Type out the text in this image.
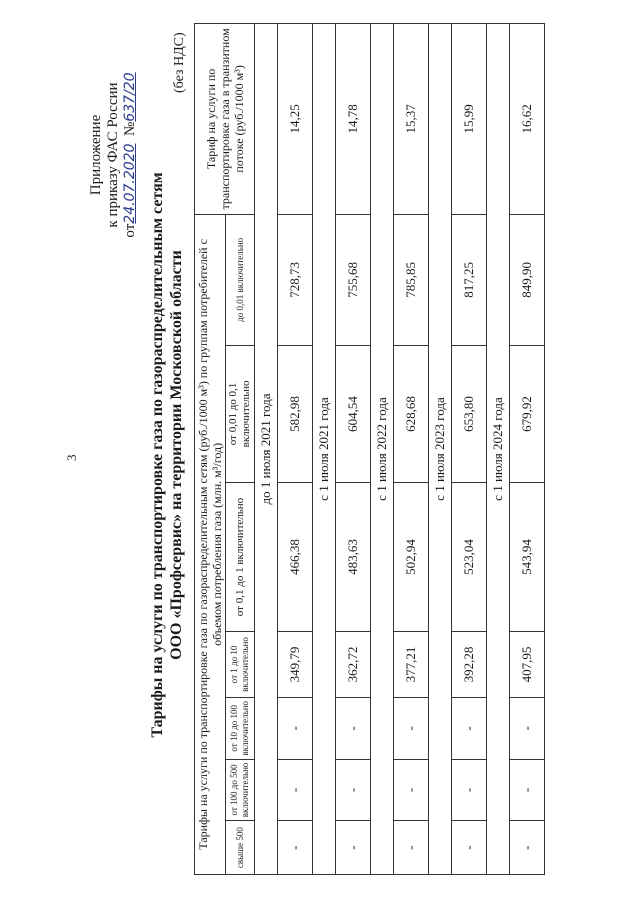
3
Приложение к приказу ФАС России
от24.07.2020  №637/20
Тарифы на услуги по транспортировке газа по газораспределительным сетям ООО «Профсервис» на территории Московской области
(без НДС)
Тарифы на услуги по транспортировке газа по газораспределительным сетям (руб./1000 м³) по группам потребителей с объемом потребления газа (млн. м³/год)							Тариф на услуги по транспортировке газа в транзитном потоке (руб./1000 м³)
свыше 500	от 100 до 500 включительно	от 10 до 100 включительно	от 1 до 10 включительно	от 0,1 до 1 включительно	от 0,01 до 0,1 включительно	до 0,01 включительно	
до 1 июля 2021 года							
-	-	-	349,79	466,38	582,98	728,73	14,25
с 1 июля 2021 года							
-	-	-	362,72	483,63	604,54	755,68	14,78
с 1 июля 2022 года							
-	-	-	377,21	502,94	628,68	785,85	15,37
с 1 июля 2023 года							
-	-	-	392,28	523,04	653,80	817,25	15,99
с 1 июля 2024 года							
-	-	-	407,95	543,94	679,92	849,90	16,62
